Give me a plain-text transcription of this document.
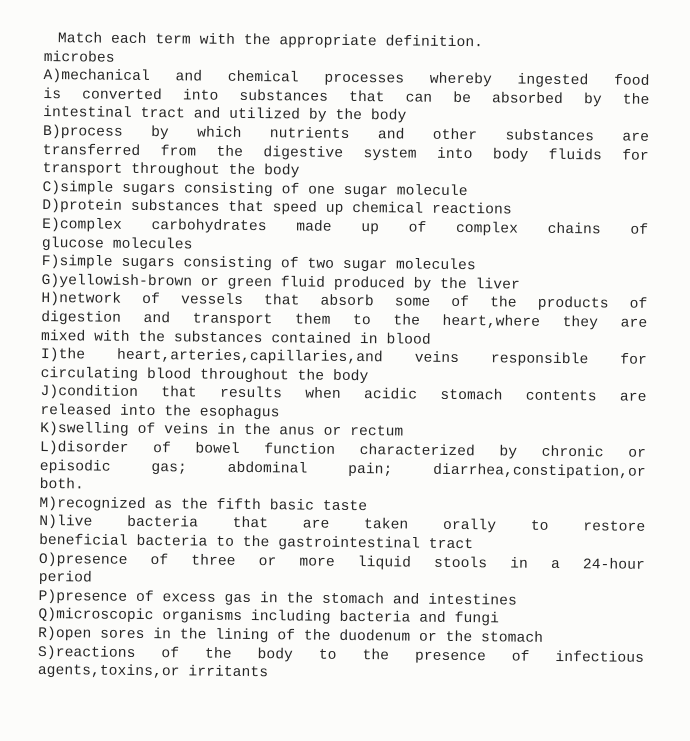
Match each term with the appropriate definition.
microbes
A)mechanical and chemical processes whereby ingested food
is converted into substances that can be absorbed by the
intestinal tract and utilized by the body
B)process by which nutrients and other substances are
transferred from the digestive system into body fluids for
transport throughout the body
C)simple sugars consisting of one sugar molecule
D)protein substances that speed up chemical reactions
E)complex carbohydrates made up of complex chains of
glucose molecules
F)simple sugars consisting of two sugar molecules
G)yellowish-brown or green fluid produced by the liver
H)network of vessels that absorb some of the products of
digestion and transport them to the heart,where they are
mixed with the substances contained in blood
I)the heart,arteries,capillaries,and veins responsible for
circulating blood throughout the body
J)condition that results when acidic stomach contents are
released into the esophagus
K)swelling of veins in the anus or rectum
L)disorder of bowel function characterized by chronic or
episodic gas; abdominal pain; diarrhea,constipation,or
both.
M)recognized as the fifth basic taste
N)live bacteria that are taken orally to restore
beneficial bacteria to the gastrointestinal tract
O)presence of three or more liquid stools in a 24-hour
period
P)presence of excess gas in the stomach and intestines
Q)microscopic organisms including bacteria and fungi
R)open sores in the lining of the duodenum or the stomach
S)reactions of the body to the presence of infectious
agents,toxins,or irritants
